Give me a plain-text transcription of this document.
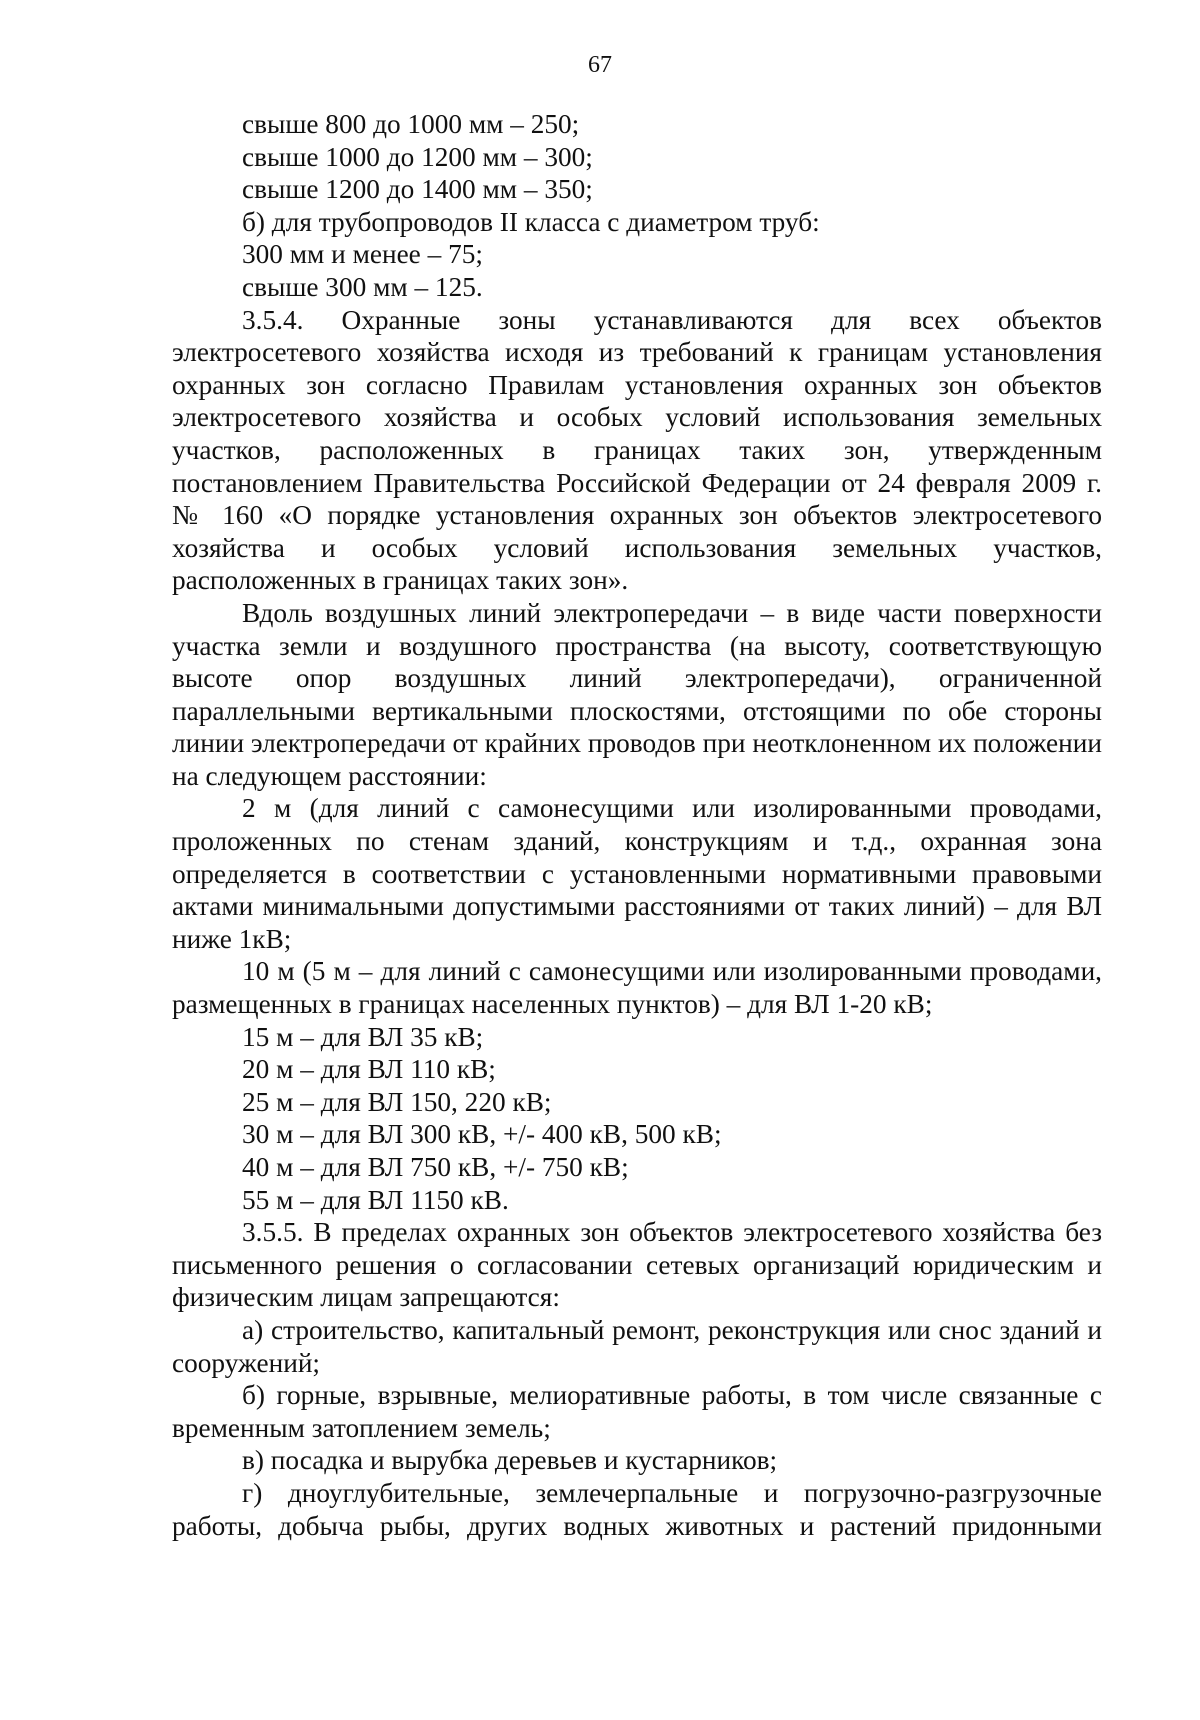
67

свыше 800 до 1000 мм – 250;

свыше 1000 до 1200 мм – 300;

свыше 1200 до 1400 мм – 350;

б) для трубопроводов II класса с диаметром труб:

300 мм и менее – 75;

свыше 300 мм – 125.

3.5.4. Охранные зоны устанавливаются для всех объектов электросетевого хозяйства исходя из требований к границам установления охранных зон согласно Правилам установления охранных зон объектов электросетевого хозяйства и особых условий использования земельных участков, расположенных в границах таких зон, утвержденным постановлением Правительства Российской Федерации от 24 февраля 2009 г. № 160 «О порядке установления охранных зон объектов электросетевого хозяйства и особых условий использования земельных участков, расположенных в границах таких зон».

Вдоль воздушных линий электропередачи – в виде части поверхности участка земли и воздушного пространства (на высоту, соответствующую высоте опор воздушных линий электропередачи), ограниченной параллельными вертикальными плоскостями, отстоящими по обе стороны линии электропередачи от крайних проводов при неотклоненном их положении на следующем расстоянии:

2 м (для линий с самонесущими или изолированными проводами, проложенных по стенам зданий, конструкциям и т.д., охранная зона определяется в соответствии с установленными нормативными правовыми актами минимальными допустимыми расстояниями от таких линий) – для ВЛ ниже 1кВ;

10 м (5 м – для линий с самонесущими или изолированными проводами, размещенных в границах населенных пунктов) – для ВЛ 1-20 кВ;

15 м – для ВЛ 35 кВ;

20 м – для ВЛ 110 кВ;

25 м – для ВЛ 150, 220 кВ;

30 м – для ВЛ 300 кВ, +/- 400 кВ, 500 кВ;

40 м – для ВЛ 750 кВ, +/- 750 кВ;

55 м – для ВЛ 1150 кВ.

3.5.5. В пределах охранных зон объектов электросетевого хозяйства без письменного решения о согласовании сетевых организаций юридическим и физическим лицам запрещаются:

а) строительство, капитальный ремонт, реконструкция или снос зданий и сооружений;

б) горные, взрывные, мелиоративные работы, в том числе связанные с временным затоплением земель;

в) посадка и вырубка деревьев и кустарников;

г) дноуглубительные, землечерпальные и погрузочно-разгрузочные работы, добыча рыбы, других водных животных и растений придонными
